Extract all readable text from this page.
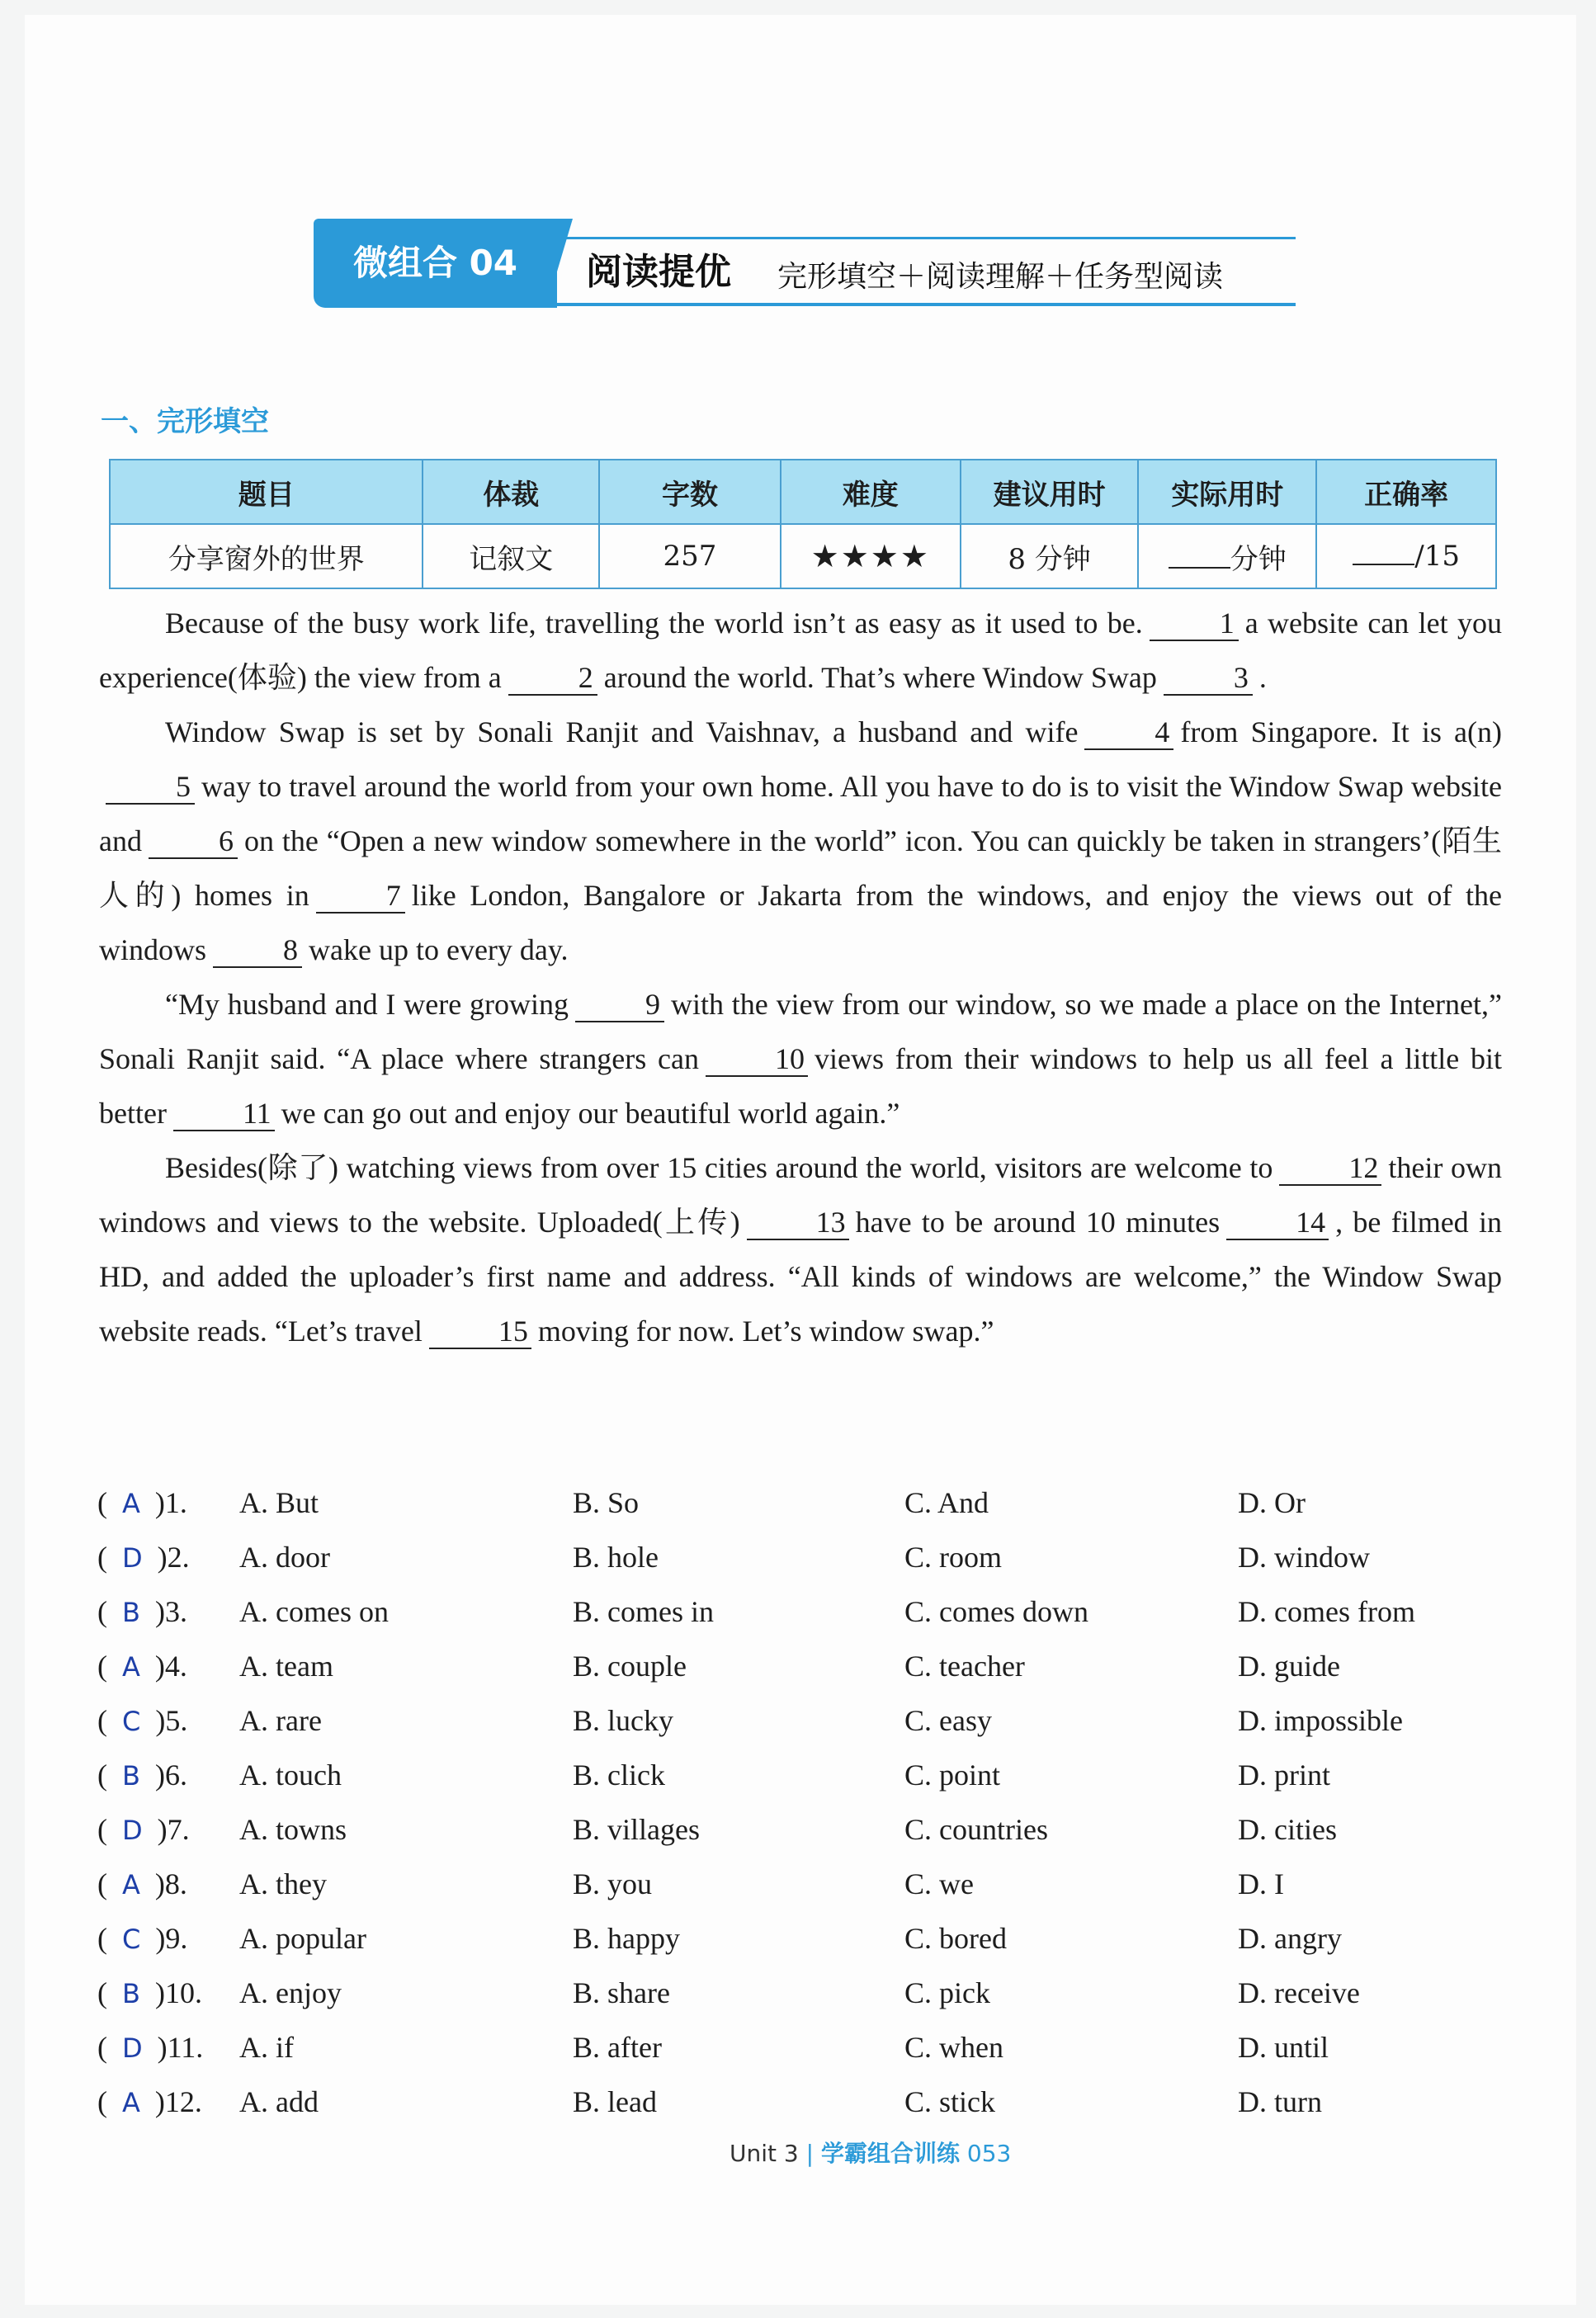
微组合 04	阅读提优 完形填空＋阅读理解＋任务型阅读
一、完形填空
题目	体裁	字数	难度	建议用时	实际用时	正确率
分享窗外的世界	记叙文	257	★★★★	8 分钟	分钟	/15

Because of the busy work life, travelling the world isn’t as easy as it used to be.	1 a website can let you experience(体验) the view from a	2 around the world. That’s where Window Swap	3 .

Window Swap is set by Sonali Ranjit and Vaishnav, a husband and wife	4 from Singapore. It is a(n)5 way to travel around the world from your own home. All you have to do is to visit the Window Swap website and	6 on the “Open a new window somewhere in the world” icon. You can quickly be taken in strangers’(陌生人的) homes in	7 like London, Bangalore or Jakarta from the windows, and enjoy the views out of the windows	8 wake up to every day.

“My husband and I were growing	9 with the view from our window, so we made a place on the Internet,” Sonali Ranjit said. “A place where strangers can	10 views from their windows to help us all feel a little bit better	11 we can go out and enjoy our beautiful world again.”

Besides(除了) watching views from over 15 cities around the world, visitors are welcome to	12 their own windows and views to the website. Uploaded(上传)	13 have to be around 10 minutes	14 , be filmed in HD, and added the uploader’s first name and address. “All kinds of windows are welcome,” the Window Swap website reads. “Let’s travel	15 moving for now. Let’s window swap.”

(  A )1. A. But	B. So	C. And	D. Or
(  D )2. A. door	B. hole	C. room	D. window
(  B )3. A. comes on	B. comes in	C. comes down	D. comes from
(  A )4. A. team	B. couple	C. teacher	D. guide
(  C )5. A. rare	B. lucky	C. easy	D. impossible
(  B )6. A. touch	B. click	C. point	D. print
(  D )7. A. towns	B. villages	C. countries	D. cities
(  A )8. A. they	B. you	C. we	D. I
(  C )9. A. popular	B. happy	C. bored	D. angry
(  B )10. A. enjoy	B. share	C. pick	D. receive
(  D )11. A. if	B. after	C. when	D. until
(  A )12. A. add	B. lead	C. stick	D. turn
Unit 3 | 学霸组合训练 053
